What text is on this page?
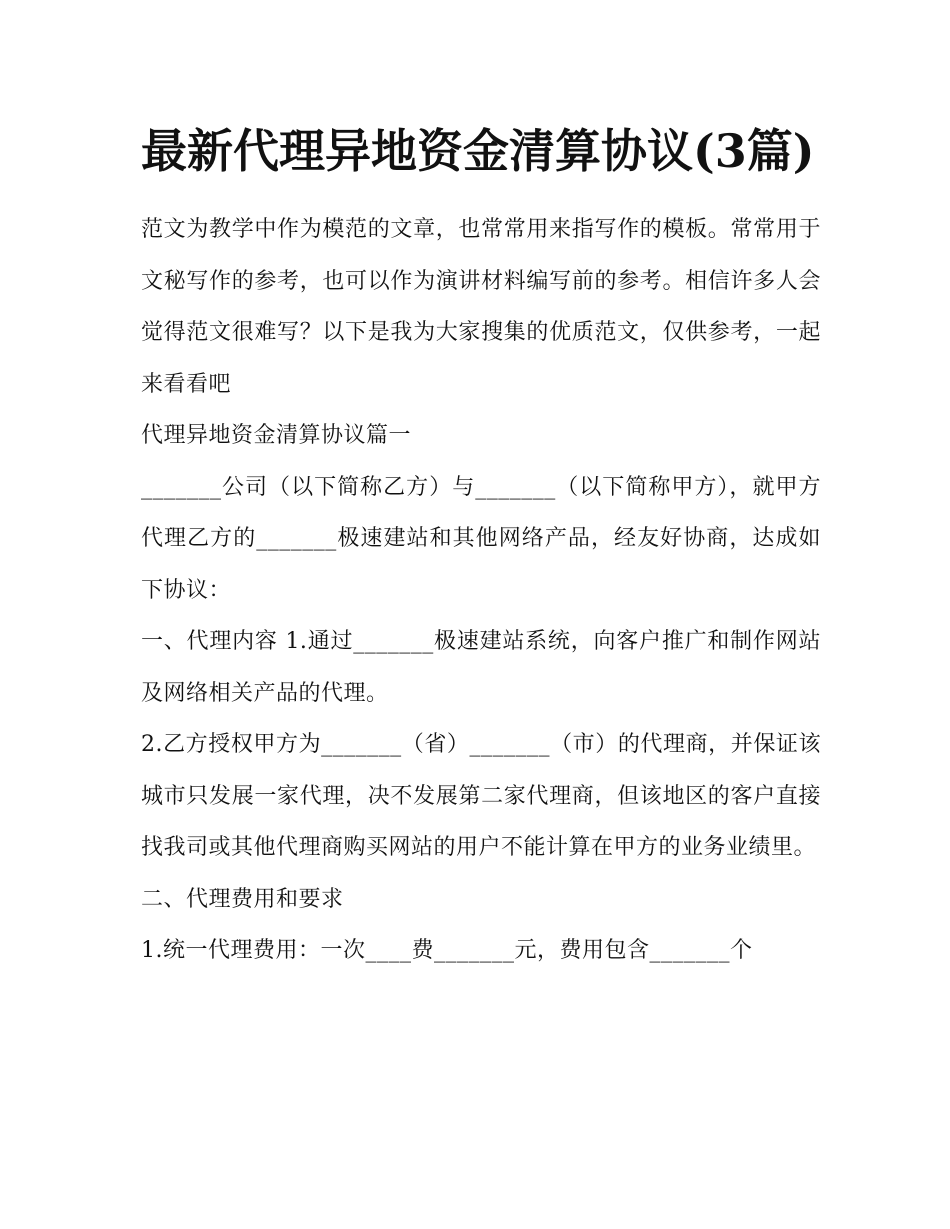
最新代理异地资金清算协议(3篇)

范文为教学中作为模范的文章，也常常用来指写作的模板。常常用于文秘写作的参考，也可以作为演讲材料编写前的参考。相信许多人会觉得范文很难写？以下是我为大家搜集的优质范文，仅供参考，一起来看看吧

代理异地资金清算协议篇一

_______公司（以下简称乙方）与_______（以下简称甲方），就甲方代理乙方的_______极速建站和其他网络产品，经友好协商，达成如下协议：

一、代理内容 1.通过_______极速建站系统，向客户推广和制作网站及网络相关产品的代理。

2.乙方授权甲方为_______（省）_______（市）的代理商，并保证该城市只发展一家代理，决不发展第二家代理商，但该地区的客户直接找我司或其他代理商购买网站的用户不能计算在甲方的业务业绩里。

二、代理费用和要求

1.统一代理费用：一次____费_______元，费用包含_______个
